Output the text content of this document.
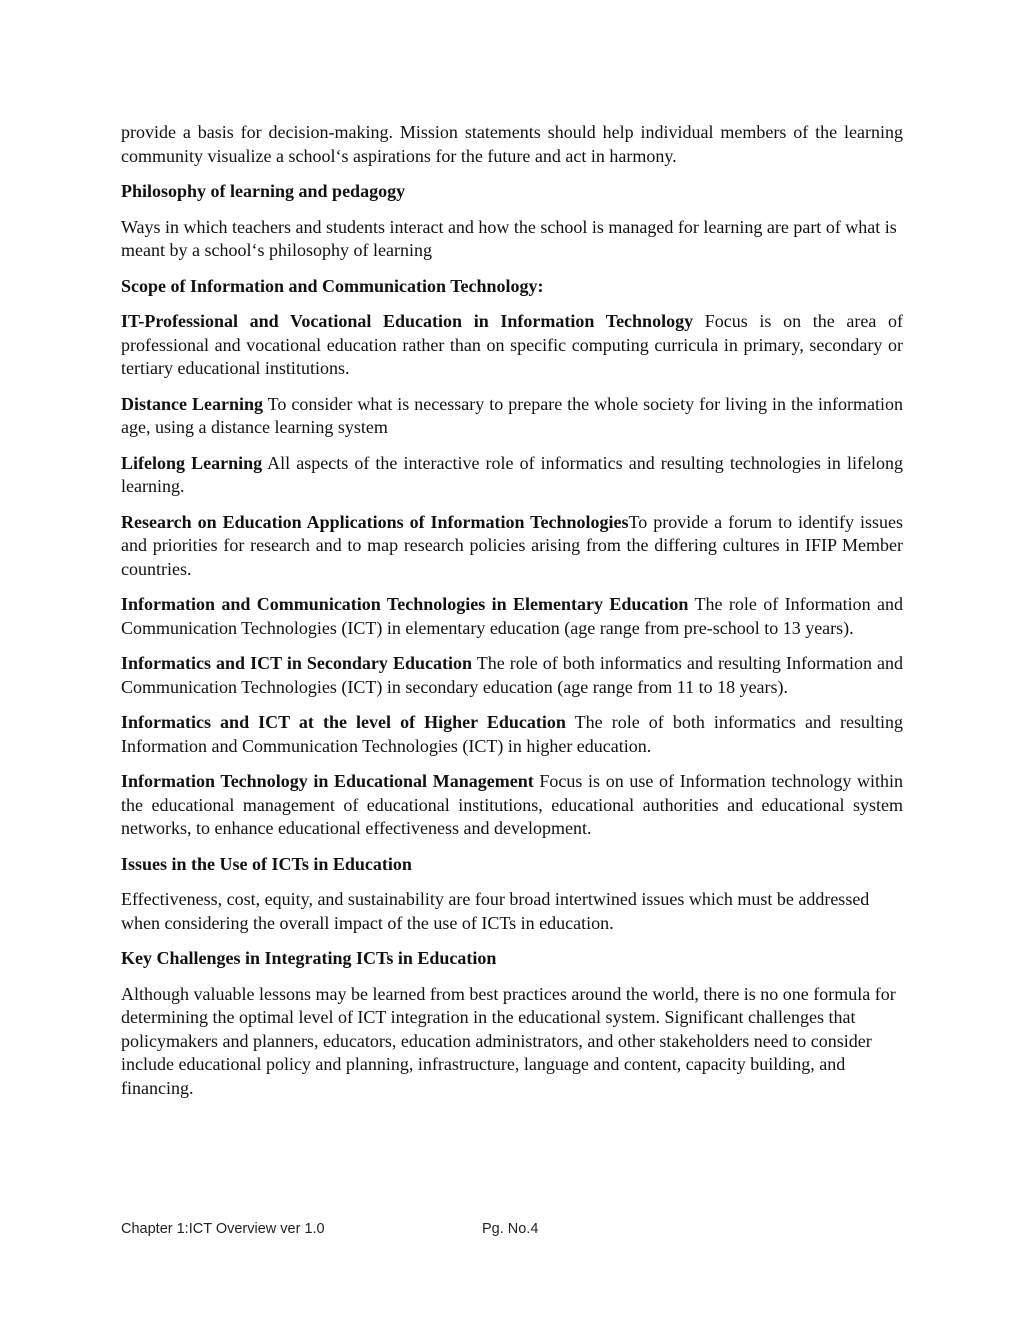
provide a basis for decision-making. Mission statements should help individual members of the learning community visualize a school‘s aspirations for the future and act in harmony.

Philosophy of learning and pedagogy

Ways in which teachers and students interact and how the school is managed for learning are part of what is meant by a school‘s philosophy of learning

Scope of Information and Communication Technology:

IT-Professional and Vocational Education in Information Technology Focus is on the area of professional and vocational education rather than on specific computing curricula in primary, secondary or tertiary educational institutions.

Distance Learning To consider what is necessary to prepare the whole society for living in the information age, using a distance learning system

Lifelong Learning All aspects of the interactive role of informatics and resulting technologies in lifelong learning.

Research on Education Applications of Information TechnologiesTo provide a forum to identify issues and priorities for research and to map research policies arising from the differing cultures in IFIP Member countries.

Information and Communication Technologies in Elementary Education The role of Information and Communication Technologies (ICT) in elementary education (age range from pre-school to 13 years).

Informatics and ICT in Secondary Education The role of both informatics and resulting Information and Communication Technologies (ICT) in secondary education (age range from 11 to 18 years).

Informatics and ICT at the level of Higher Education The role of both informatics and resulting Information and Communication Technologies (ICT) in higher education.

Information Technology in Educational Management Focus is on use of Information technology within the educational management of educational institutions, educational authorities and educational system networks, to enhance educational effectiveness and development.

Issues in the Use of ICTs in Education

Effectiveness, cost, equity, and sustainability are four broad intertwined issues which must be addressed when considering the overall impact of the use of ICTs in education.

Key Challenges in Integrating ICTs in Education

Although valuable lessons may be learned from best practices around the world, there is no one formula for determining the optimal level of ICT integration in the educational system. Significant challenges that policymakers and planners, educators, education administrators, and other stakeholders need to consider include educational policy and planning, infrastructure, language and content, capacity building, and financing.

Chapter 1:ICT Overview ver 1.0	Pg. No.4
